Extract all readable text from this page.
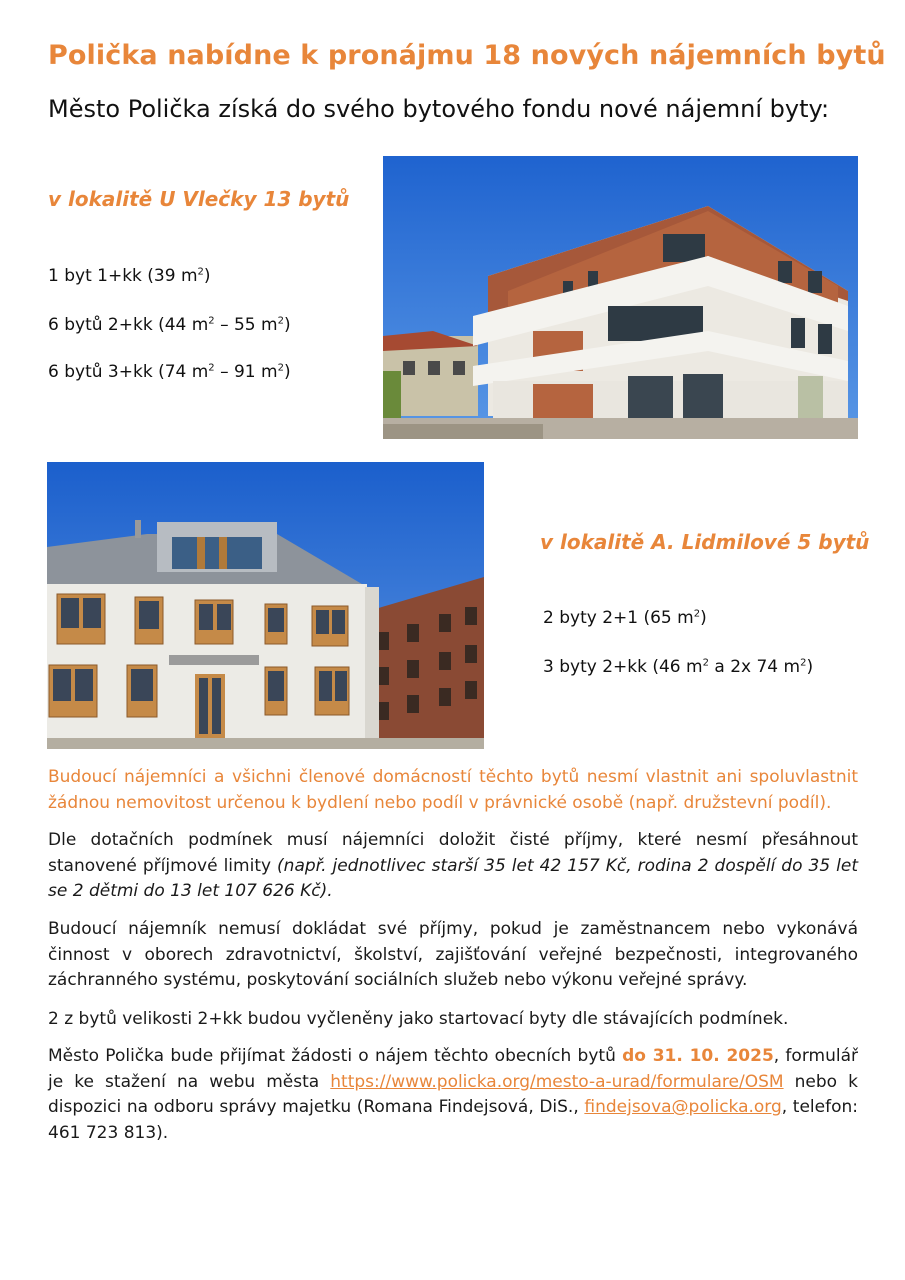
Polička nabídne k pronájmu 18 nových nájemních bytů
Město Polička získá do svého bytového fondu nové nájemní byty:
v lokalitě U Vlečky 13 bytů
1 byt 1+kk (39 $m^2$)
6 bytů 2+kk (44 $m^2 - 55$ $m^2$)
6 bytů 3+kk (74 $m^2 - 91$ $m^2$)
v lokalitě A. Lidmilové 5 bytů
2 byty 2+1 (65 $m^2$)
3 byty 2+kk (46 $m^2$ a 2x 74 $m^2$)
Budoucí nájemníci a všichni členové domácností těchto bytů nesmí vlastnit ani spoluvlastnit žádnou nemovitost určenou k bydlení nebo podíl v právnické osobě (např. družstevní podíl).
Dle dotačních podmínek musí nájemníci doložit čisté příjmy, které nesmí přesáhnout stanovené příjmové limity (např. jednotlivec starší 35 let 42 157 Kč, rodina 2 dospělí do 35 let se 2 dětmi do 13 let 107 626 Kč).
Budoucí nájemník nemusí dokládat své příjmy, pokud je zaměstnancem nebo vykonává činnost v oborech zdravotnictví, školství, zajišťování veřejné bezpečnosti, integrovaného záchranného systému, poskytování sociálních služeb nebo výkonu veřejné správy.
2 z bytů velikosti 2+kk budou vyčleněny jako startovací byty dle stávajících podmínek.
Město Polička bude přijímat žádosti o nájem těchto obecních bytů do 31. 10. 2025, formulář je ke stažení na webu města https://www.policka.org/mesto-a-urad/formulare/OSM nebo k dispozici na odboru správy majetku (Romana Findejsová, DiS., findejsova@policka.org, telefon: 461 723 813).
